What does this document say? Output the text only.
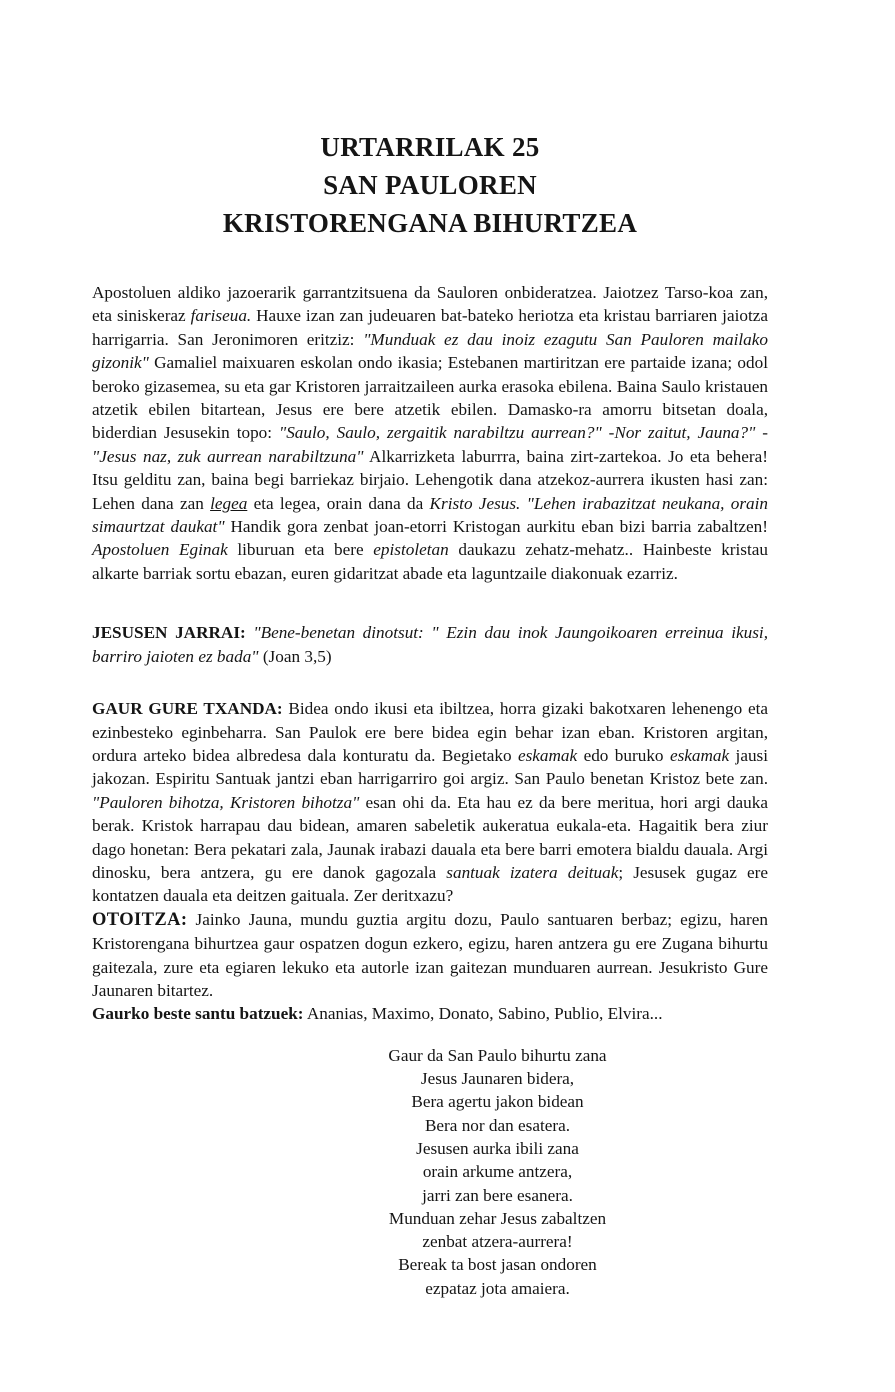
URTARRILAK 25
SAN PAULOREN
KRISTORENGANA BIHURTZEA

Apostoluen aldiko jazoerarik garrantzitsuena da Sauloren onbideratzea. Jaiotzez Tarso-koa zan, eta siniskeraz fariseua. Hauxe izan zan judeuaren bat-bateko heriotza eta kristau barriaren jaiotza harrigarria. San Jeronimoren eritziz: "Munduak ez dau inoiz ezagutu San Pauloren mailako gizonik" Gamaliel maixuaren eskolan ondo ikasia; Estebanen martiritzan ere partaide izana; odol beroko gizasemea, su eta gar Kristoren jarraitzaileen aurka erasoka ebilena. Baina Saulo kristauen atzetik ebilen bitartean, Jesus ere bere atzetik ebilen. Damasko-ra amorru bitsetan doala, biderdian Jesusekin topo: "Saulo, Saulo, zergaitik narabiltzu aurrean?" -Nor zaitut, Jauna?" -"Jesus naz, zuk aurrean narabiltzuna" Alkarrizketa laburrra, baina zirt-zartekoa. Jo eta behera! Itsu gelditu zan, baina begi barriekaz birjaio. Lehengotik dana atzekoz-aurrera ikusten hasi zan: Lehen dana zan legea eta legea, orain dana da Kristo Jesus. "Lehen irabazitzat neukana, orain simaurtzat daukat" Handik gora zenbat joan-etorri Kristogan aurkitu eban bizi barria zabaltzen! Apostoluen Eginak liburuan eta bere epistoletan daukazu zehatz-mehatz.. Hainbeste kristau alkarte barriak sortu ebazan, euren gidaritzat abade eta laguntzaile diakonuak ezarriz.

JESUSEN JARRAI: "Bene-benetan dinotsut: " Ezin dau inok Jaungoikoaren erreinua ikusi, barriro jaioten ez bada" (Joan 3,5)

GAUR GURE TXANDA: Bidea ondo ikusi eta ibiltzea, horra gizaki bakotxaren lehenengo eta ezinbesteko eginbeharra. San Paulok ere bere bidea egin behar izan eban. Kristoren argitan, ordura arteko bidea albredesa dala konturatu da. Begietako eskamak edo buruko eskamak jausi jakozan. Espiritu Santuak jantzi eban harrigarriro goi argiz. San Paulo benetan Kristoz bete zan. "Pauloren bihotza, Kristoren bihotza" esan ohi da. Eta hau ez da bere meritua, hori argi dauka berak. Kristok harrapau dau bidean, amaren sabeletik aukeratua eukala-eta. Hagaitik bera ziur dago honetan: Bera pekatari zala, Jaunak irabazi dauala eta bere barri emotera bialdu dauala. Argi dinosku, bera antzera, gu ere danok gagozala santuak izatera deituak; Jesusek gugaz ere kontatzen dauala eta deitzen gaituala. Zer deritxazu?

OTOITZA: Jainko Jauna, mundu guztia argitu dozu, Paulo santuaren berbaz; egizu, haren Kristorengana bihurtzea gaur ospatzen dogun ezkero, egizu, haren antzera gu ere Zugana bihurtu gaitezala, zure eta egiaren lekuko eta autorle izan gaitezan munduaren aurrean. Jesukristo Gure Jaunaren bitartez.

Gaurko beste santu batzuek: Ananias, Maximo, Donato, Sabino, Publio, Elvira...

Gaur da San Paulo bihurtu zana
Jesus Jaunaren bidera,
Bera agertu jakon bidean
Bera nor dan esatera.
Jesusen aurka ibili zana
orain arkume antzera,
jarri zan bere esanera.
Munduan zehar Jesus zabaltzen
zenbat atzera-aurrera!
Bereak ta bost jasan ondoren
ezpataz jota amaiera.
